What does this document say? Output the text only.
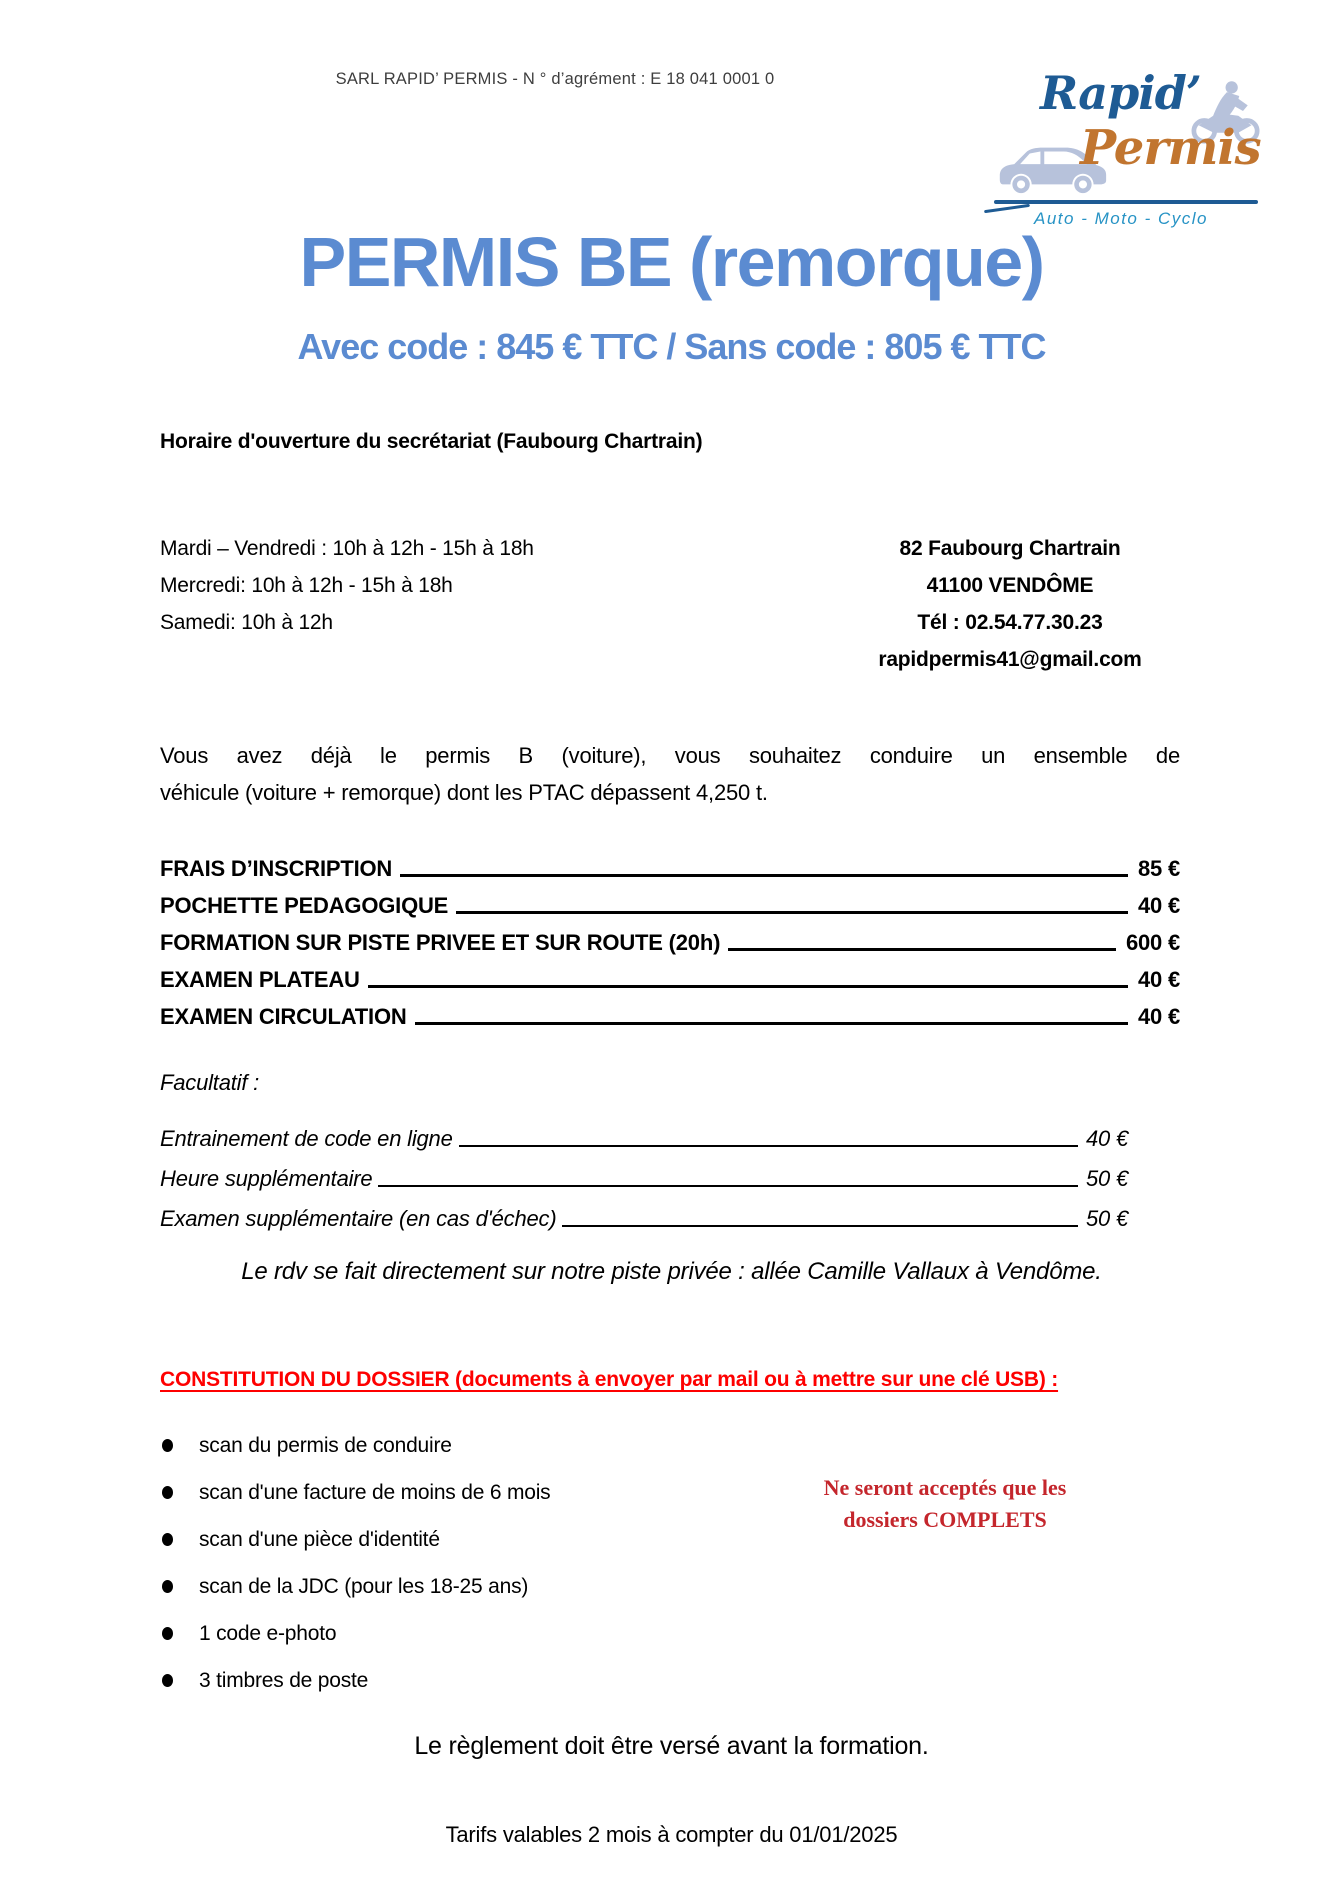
SARL RAPID’ PERMIS - N ° d’agrément : E 18 041 0001 0	Rapid’
Permis
Auto - Moto - Cyclo
PERMIS BE (remorque)
Avec code : 845 € TTC / Sans code : 805 € TTC
Horaire d'ouverture du secrétariat (Faubourg Chartrain)
Mardi – Vendredi : 10h à 12h - 15h à 18h
Mercredi: 10h à 12h - 15h à 18h
Samedi: 10h à 12h
82 Faubourg Chartrain
41100 VENDÔME
Tél : 02.54.77.30.23
rapidpermis41@gmail.com
Vous avez déjà le permis B (voiture), vous souhaitez conduire un ensemble de
véhicule (voiture + remorque) dont les PTAC dépassent 4,250 t.
FRAIS D’INSCRIPTION	85 €
POCHETTE PEDAGOGIQUE	40 €
FORMATION SUR PISTE PRIVEE ET SUR ROUTE (20h)	600 €
EXAMEN PLATEAU	40 €
EXAMEN CIRCULATION	40 €
Facultatif :
Entrainement de code en ligne	40 €
Heure supplémentaire	50 €
Examen supplémentaire (en cas d'échec)	50 €
Le rdv se fait directement sur notre piste privée : allée Camille Vallaux à Vendôme.
CONSTITUTION DU DOSSIER (documents à envoyer par mail ou à mettre sur une clé USB) :
scan du permis de conduire
scan d'une facture de moins de 6 mois
scan d'une pièce d'identité
scan de la JDC (pour les 18-25 ans)
1 code e-photo
3 timbres de poste
Ne seront acceptés que les
dossiers COMPLETS
Le règlement doit être versé avant la formation.
Tarifs valables 2 mois à compter du 01/01/2025
